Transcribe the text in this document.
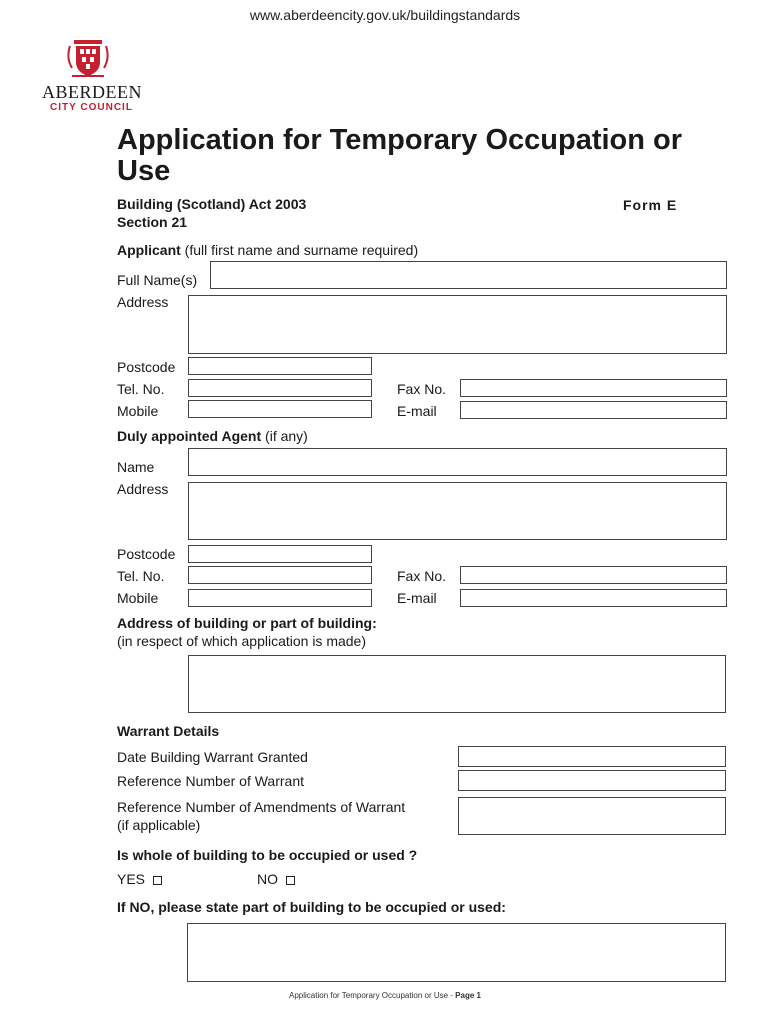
www.aberdeencity.gov.uk/buildingstandards
ABERDEEN
CITY COUNCIL
Application for Temporary Occupation or Use
Building (Scotland) Act 2003
Section 21
Form E
Applicant (full first name and surname required)
Full Name(s)
Address
Postcode
Tel. No.	Fax No.
Mobile	E-mail
Duly appointed Agent (if any)
Name
Address
Postcode
Tel. No.	Fax No.
Mobile	E-mail
Address of building or part of building:
(in respect of which application is made)
Warrant Details
Date Building Warrant Granted
Reference Number of Warrant
Reference Number of Amendments of Warrant
(if applicable)
Is whole of building to be occupied or used ?
YES	NO
If NO, please state part of building to be occupied or used:
Application for Temporary Occupation or Use - Page 1
